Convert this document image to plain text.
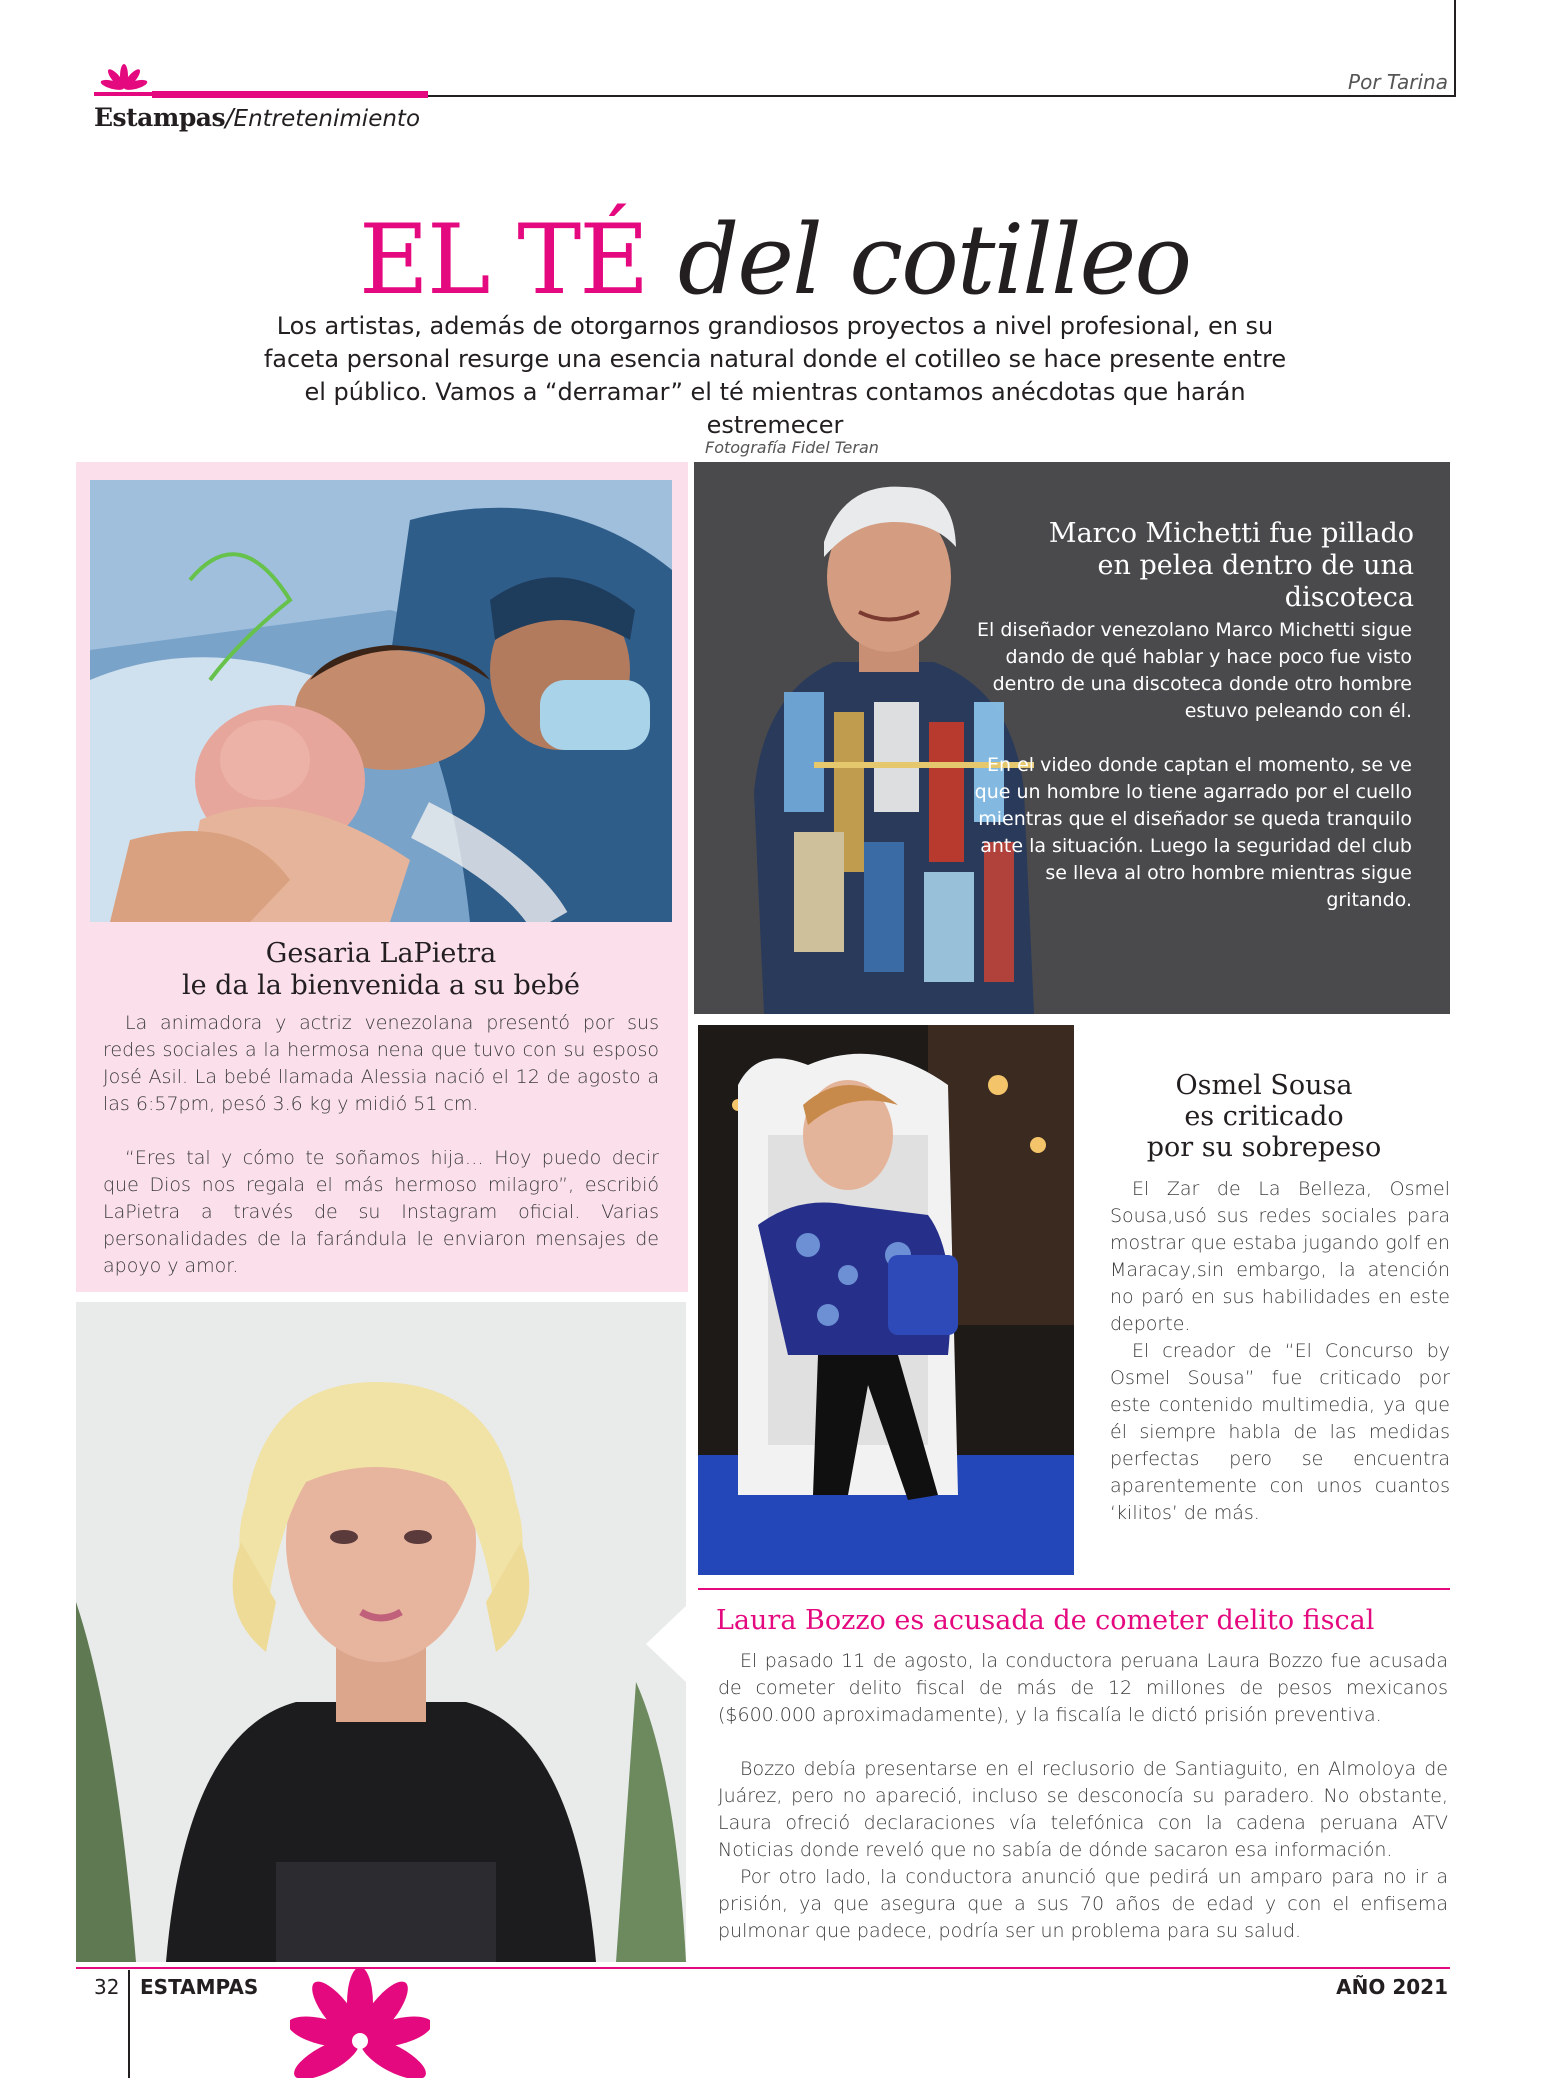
Por Tarina
Estampas/Entretenimiento
EL TÉ del cotilleo
Los artistas, además de otorgarnos grandiosos proyectos a nivel profesional, en su faceta personal resurge una esencia natural donde el cotilleo se hace presente entre el público. Vamos a “derramar” el té mientras contamos anécdotas que harán estremecer
Fotografía Fidel Teran
Gesaria LaPietra
le da la bienvenida a su bebé

La animadora y actriz venezolana presentó por sus redes sociales a la hermosa nena que tuvo con su esposo José Asil. La bebé llamada Alessia nació el 12 de agosto a las 6:57pm, pesó 3.6 kg y midió 51 cm.

“Eres tal y cómo te soñamos hija… Hoy puedo decir que Dios nos regala el más hermoso milagro”, escribió LaPietra a través de su Instagram oficial. Varias personalidades de la farándula le enviaron mensajes de apoyo y amor.

Marco Michetti fue pillado
en pelea dentro de una discoteca

El diseñador venezolano Marco Michetti sigue dando de qué hablar y hace poco fue visto dentro de una discoteca donde otro hombre estuvo peleando con él.

En el video donde captan el momento, se ve que un hombre lo tiene agarrado por el cuello mientras que el diseñador se queda tranquilo ante la situación. Luego la seguridad del club se lleva al otro hombre mientras sigue gritando.

Osmel Sousa
es criticado
por su sobrepeso

El Zar de La Belleza, Osmel Sousa,usó sus redes sociales para mostrar que estaba jugando golf en Maracay,sin embargo, la atención no paró en sus habilidades en este deporte.

El creador de “El Concurso by Osmel Sousa” fue criticado por este contenido multimedia, ya que él siempre habla de las medidas perfectas pero se encuentra aparentemente con unos cuantos ‘kilitos’ de más.

Laura Bozzo es acusada de cometer delito fiscal

El pasado 11 de agosto, la conductora peruana Laura Bozzo fue acusada de cometer delito fiscal de más de 12 millones de pesos mexicanos ($600.000 aproximadamente), y la fiscalía le dictó prisión preventiva.

Bozzo debía presentarse en el reclusorio de Santiaguito, en Almoloya de Juárez, pero no apareció, incluso se desconocía su paradero. No obstante, Laura ofreció declaraciones vía telefónica con la cadena peruana ATV Noticias donde reveló que no sabía de dónde sacaron esa información.

Por otro lado, la conductora anunció que pedirá un amparo para no ir a prisión, ya que asegura que a sus 70 años de edad y con el enfisema pulmonar que padece, podría ser un problema para su salud.

32 ESTAMPAS	AÑO 2021
